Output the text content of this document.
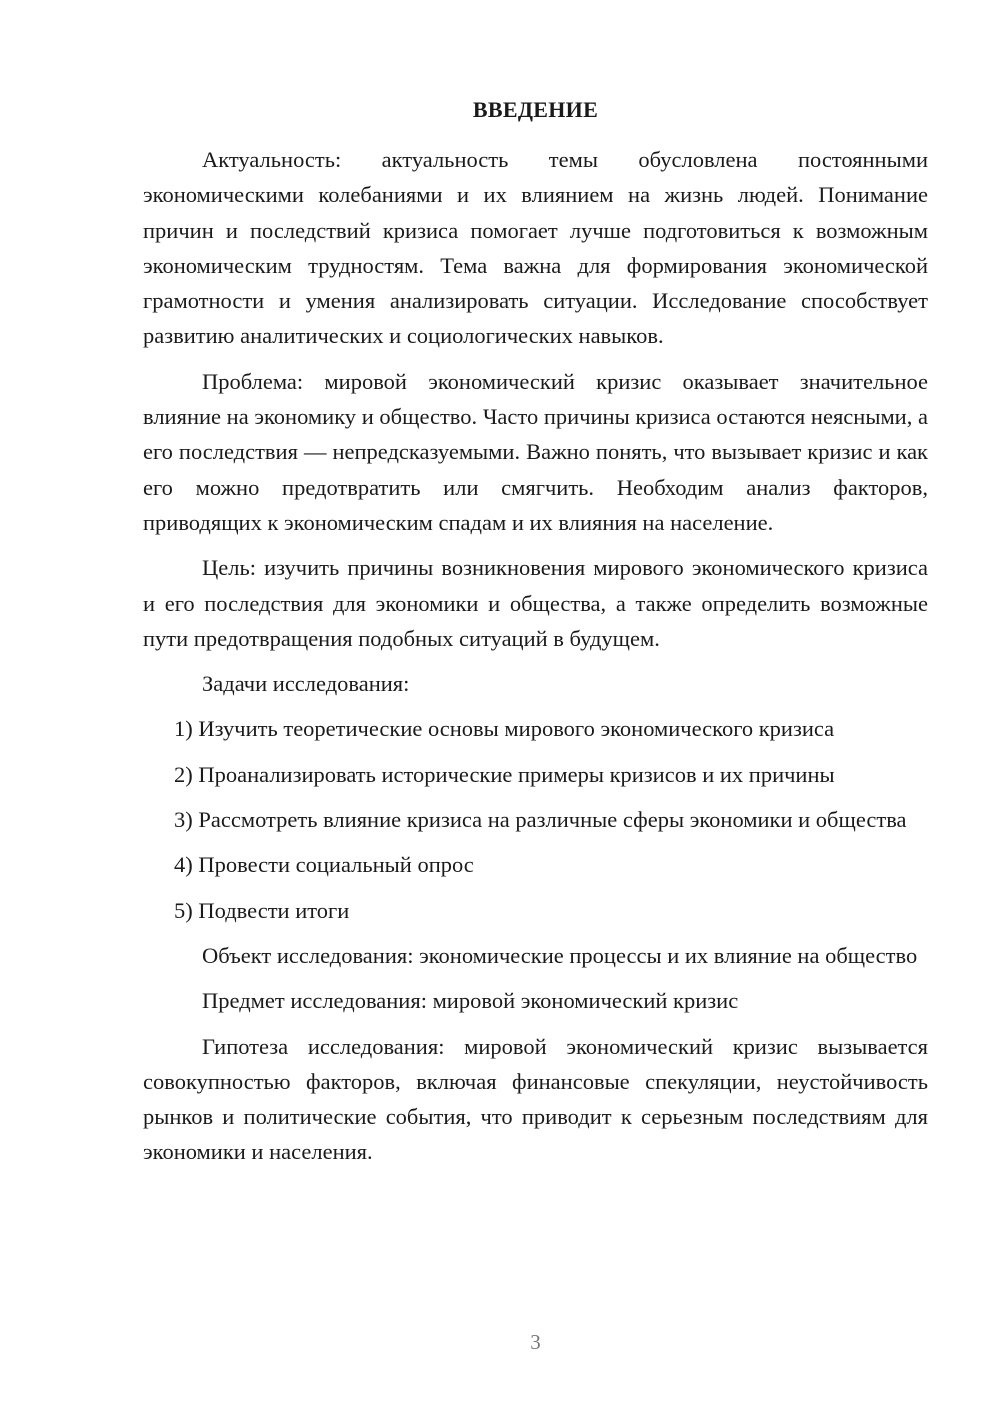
ВВЕДЕНИЕ

Актуальность: актуальность темы обусловлена постоянными экономическими колебаниями и их влиянием на жизнь людей. Понимание причин и последствий кризиса помогает лучше подготовиться к возможным экономическим трудностям. Тема важна для формирования экономической грамотности и умения анализировать ситуации. Исследование способствует развитию аналитических и социологических навыков.

Проблема: мировой экономический кризис оказывает значительное влияние на экономику и общество. Часто причины кризиса остаются неясными, а его последствия — непредсказуемыми. Важно понять, что вызывает кризис и как его можно предотвратить или смягчить. Необходим анализ факторов, приводящих к экономическим спадам и их влияния на население.

Цель: изучить причины возникновения мирового экономического кризиса и его последствия для экономики и общества, а также определить возможные пути предотвращения подобных ситуаций в будущем.

Задачи исследования:

1) Изучить теоретические основы мирового экономического кризиса

2) Проанализировать исторические примеры кризисов и их причины

3) Рассмотреть влияние кризиса на различные сферы экономики и общества

4) Провести социальный опрос

5) Подвести итоги

Объект исследования: экономические процессы и их влияние на общество

Предмет исследования: мировой экономический кризис

Гипотеза исследования: мировой экономический кризис вызывается совокупностью факторов, включая финансовые спекуляции, неустойчивость рынков и политические события, что приводит к серьезным последствиям для экономики и населения.

3
